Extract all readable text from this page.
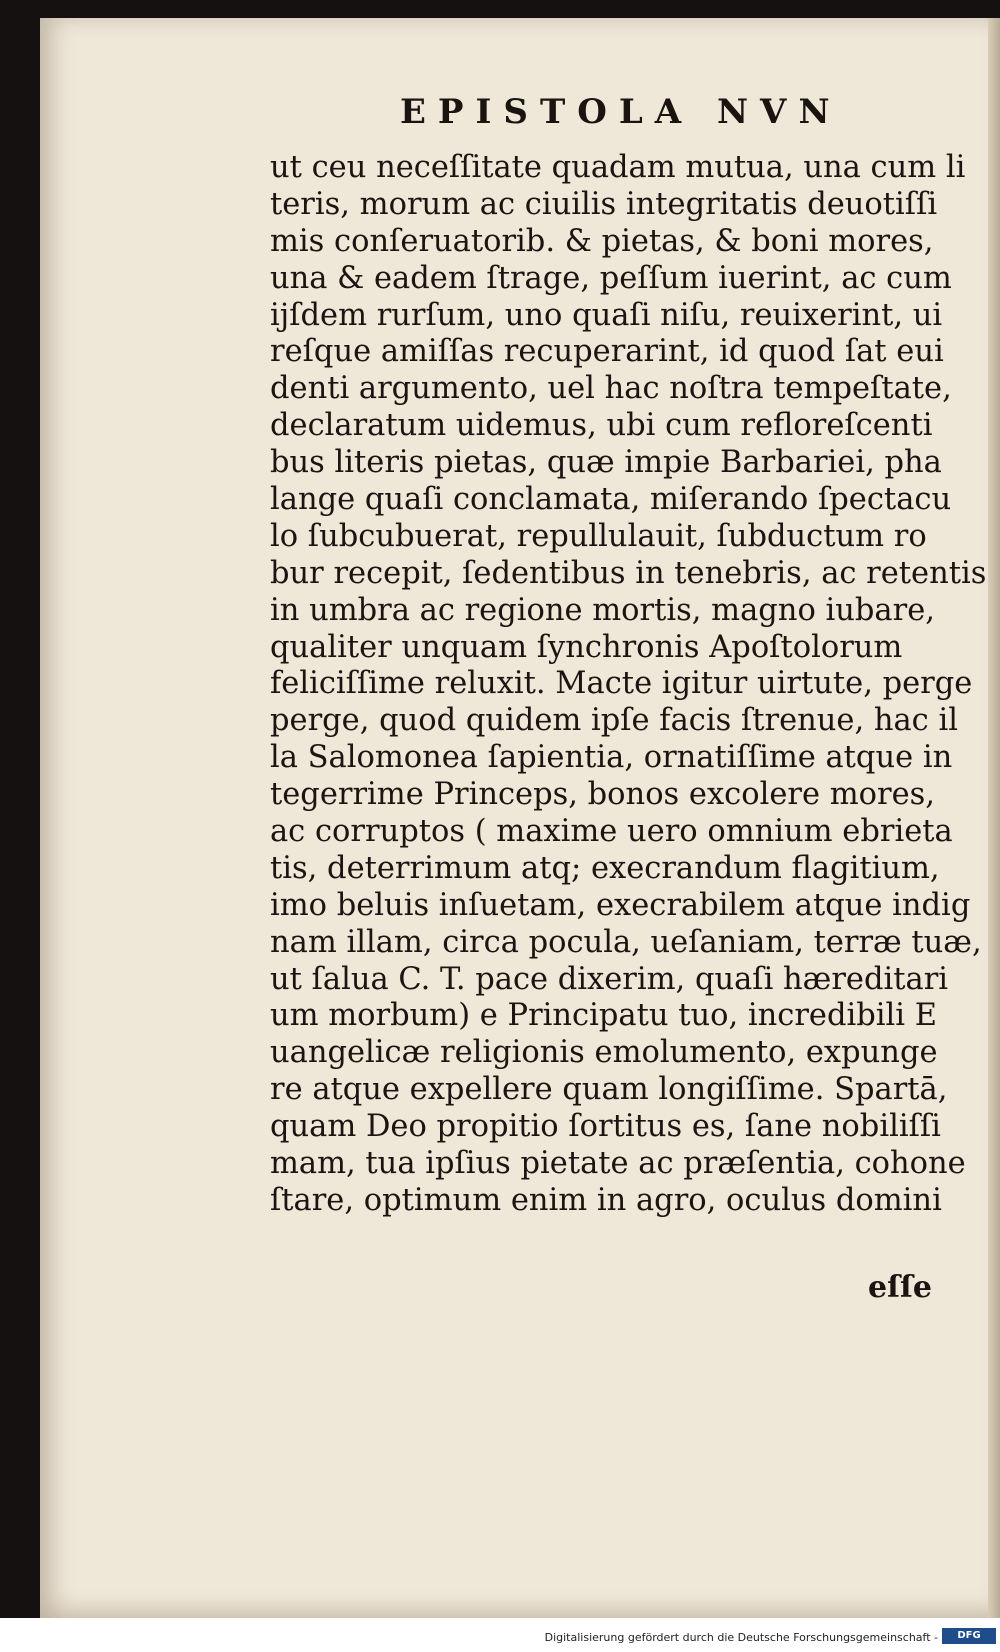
EPISTOLA NVN
ut ceu neceſſitate quadam mutua, una cum li
teris, morum ac ciuilis integritatis deuotiſſi
mis conſeruatorib. & pietas, & boni mores,
una & eadem ſtrage, peſſum iuerint, ac cum
ijſdem rurſum, uno quaſi niſu, reuixerint, ui
reſque amiſſas recuperarint, id quod ſat eui
denti argumento, uel hac noſtra tempeſtate,
declaratum uidemus, ubi cum refloreſcenti
bus literis pietas, quæ impie Barbariei, pha
lange quaſi conclamata, miſerando ſpectacu
lo ſubcubuerat, repullulauit, ſubductum ro
bur recepit, ſedentibus in tenebris, ac retentis
in umbra ac regione mortis, magno iubare,
qualiter unquam ſynchronis Apoſtolorum
feliciſſime reluxit. Macte igitur uirtute, perge
perge, quod quidem ipſe facis ſtrenue, hac il
la Salomonea ſapientia, ornatiſſime atque in
tegerrime Princeps, bonos excolere mores,
ac corruptos ( maxime uero omnium ebrieta
tis, deterrimum atq; execrandum flagitium,
imo beluis inſuetam, execrabilem atque indig
nam illam, circa pocula, ueſaniam, terræ tuæ,
ut ſalua C. T. pace dixerim, quaſi hæreditari
um morbum) e Principatu tuo, incredibili E
uangelicæ religionis emolumento, expunge
re atque expellere quam longiſſime. Spartā,
quam Deo propitio ſortitus es, ſane nobiliſſi
mam, tua ipſius pietate ac præſentia, cohone
ſtare, optimum enim in agro, oculus domini
eſſe
Digitalisierung gefördert durch die Deutsche Forschungsgemeinschaft -	DFG
